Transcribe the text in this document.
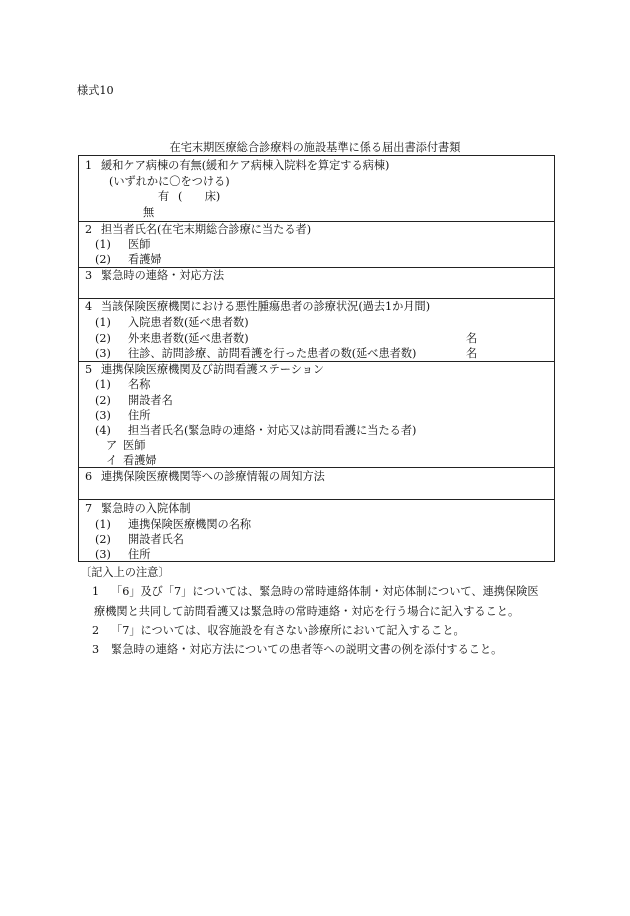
様式10
在宅末期医療総合診療料の施設基準に係る届出書添付書類
1 緩和ケア病棟の有無(緩和ケア病棟入院料を算定する病棟)
(いずれかに〇をつける)
有 (　　床)
無
2 担当者氏名(在宅末期総合診療に当たる者)
(1) 医師
(2) 看護婦
3 緊急時の連絡・対応方法
4 当該保険医療機関における悪性腫瘍患者の診療状況(過去1か月間)
(1) 入院患者数(延べ患者数)
(2) 外来患者数(延べ患者数)	名
(3) 往診、訪問診療、訪問看護を行った患者の数(延べ患者数)	名
5 連携保険医療機関及び訪問看護ステーション
(1) 名称
(2) 開設者名
(3) 住所
(4) 担当者氏名(緊急時の連絡・対応又は訪問看護に当たる者)
ア 医師
イ 看護婦
6 連携保険医療機関等への診療情報の周知方法
7 緊急時の入院体制
(1) 連携保険医療機関の名称
(2) 開設者氏名
(3) 住所
〔記入上の注意〕
1 「6」及び「7」については、緊急時の常時連絡体制・対応体制について、連携保険医
療機関と共同して訪問看護又は緊急時の常時連絡・対応を行う場合に記入すること。
2 「7」については、収容施設を有さない診療所において記入すること。
3 緊急時の連絡・対応方法についての患者等への説明文書の例を添付すること。
